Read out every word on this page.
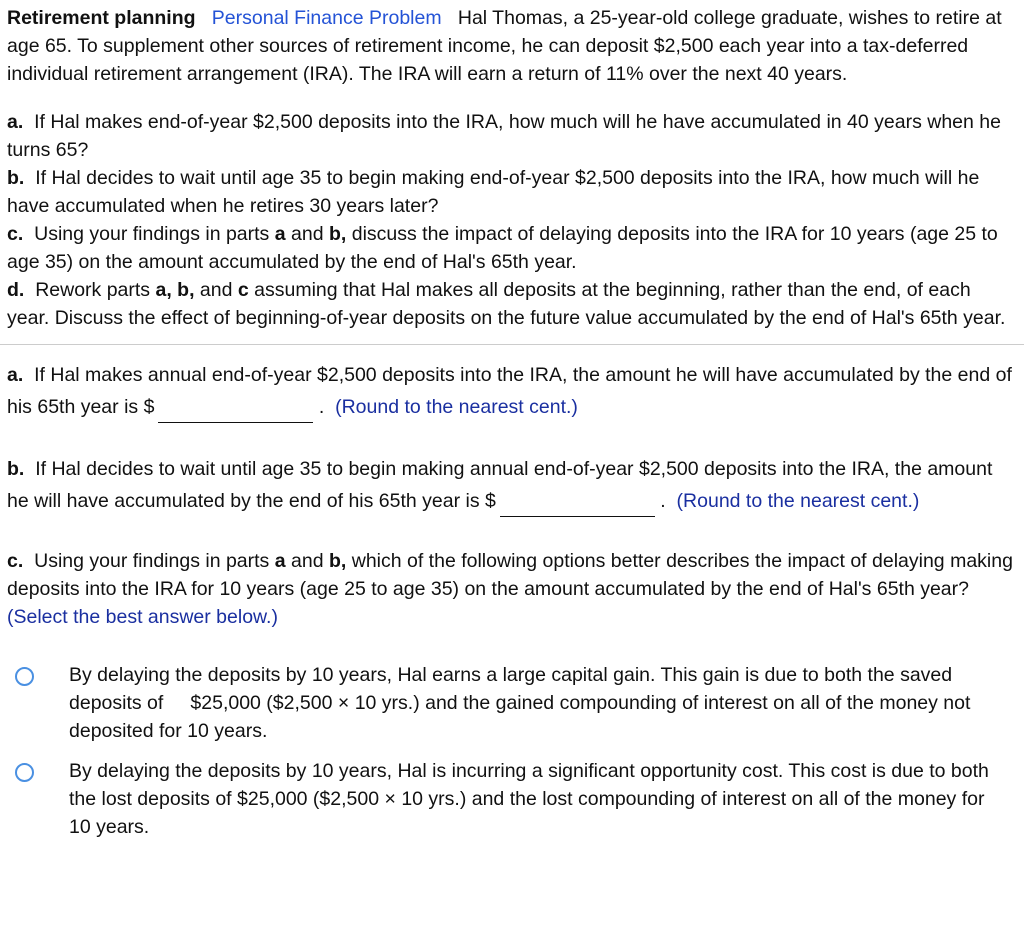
Retirement planning Personal Finance Problem Hal Thomas, a 25-year-old college graduate, wishes to retire at age 65. To supplement other sources of retirement income, he can deposit $2,500 each year into a tax-deferred individual retirement arrangement (IRA). The IRA will earn a return of 11% over the next 40 years.

a. If Hal makes end-of-year $2,500 deposits into the IRA, how much will he have accumulated in 40 years when he turns 65?

b. If Hal decides to wait until age 35 to begin making end-of-year $2,500 deposits into the IRA, how much will he have accumulated when he retires 30 years later?

c. Using your findings in parts a and b, discuss the impact of delaying deposits into the IRA for 10 years (age 25 to age 35) on the amount accumulated by the end of Hal's 65th year.

d. Rework parts a, b, and c assuming that Hal makes all deposits at the beginning, rather than the end, of each year. Discuss the effect of beginning-of-year deposits on the future value accumulated by the end of Hal's 65th year.

a. If Hal makes annual end-of-year $2,500 deposits into the IRA, the amount he will have accumulated by the end of his 65th year is $	.  (Round to the nearest cent.)

b. If Hal decides to wait until age 35 to begin making annual end-of-year $2,500 deposits into the IRA, the amount he will have accumulated by the end of his 65th year is $	.  (Round to the nearest cent.)

c. Using your findings in parts a and b, which of the following options better describes the impact of delaying making deposits into the IRA for 10 years (age 25 to age 35) on the amount accumulated by the end of Hal's 65th year?   (Select the best answer below.)

By delaying the deposits by 10 years, Hal earns a large capital gain. This gain is due to both the saved deposits of     $25,000 ($2,500 × 10 yrs.) and the gained compounding of interest on all of the money not deposited for 10 years.
By delaying the deposits by 10 years, Hal is incurring a significant opportunity cost. This cost is due to both the lost deposits of $25,000 ($2,500 × 10 yrs.) and the lost compounding of interest on all of the money for 10 years.
